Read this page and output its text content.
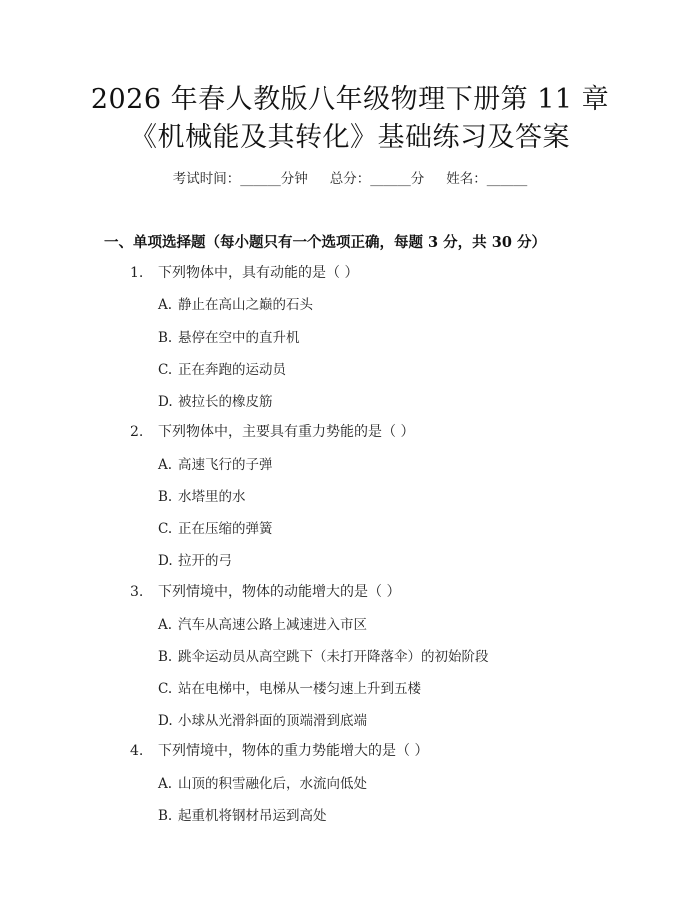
2026 年春人教版八年级物理下册第 11 章
《机械能及其转化》基础练习及答案
考试时间：______分钟 总分：______分 姓名：______
一、单项选择题（每小题只有一个选项正确，每题 3 分，共 30 分）
1. 下列物体中，具有动能的是（ ）
A. 静止在高山之巅的石头
B. 悬停在空中的直升机
C. 正在奔跑的运动员
D. 被拉长的橡皮筋
2. 下列物体中，主要具有重力势能的是（ ）
A. 高速飞行的子弹
B. 水塔里的水
C. 正在压缩的弹簧
D. 拉开的弓
3. 下列情境中，物体的动能增大的是（ ）
A. 汽车从高速公路上减速进入市区
B. 跳伞运动员从高空跳下（未打开降落伞）的初始阶段
C. 站在电梯中，电梯从一楼匀速上升到五楼
D. 小球从光滑斜面的顶端滑到底端
4. 下列情境中，物体的重力势能增大的是（ ）
A. 山顶的积雪融化后，水流向低处
B. 起重机将钢材吊运到高处
